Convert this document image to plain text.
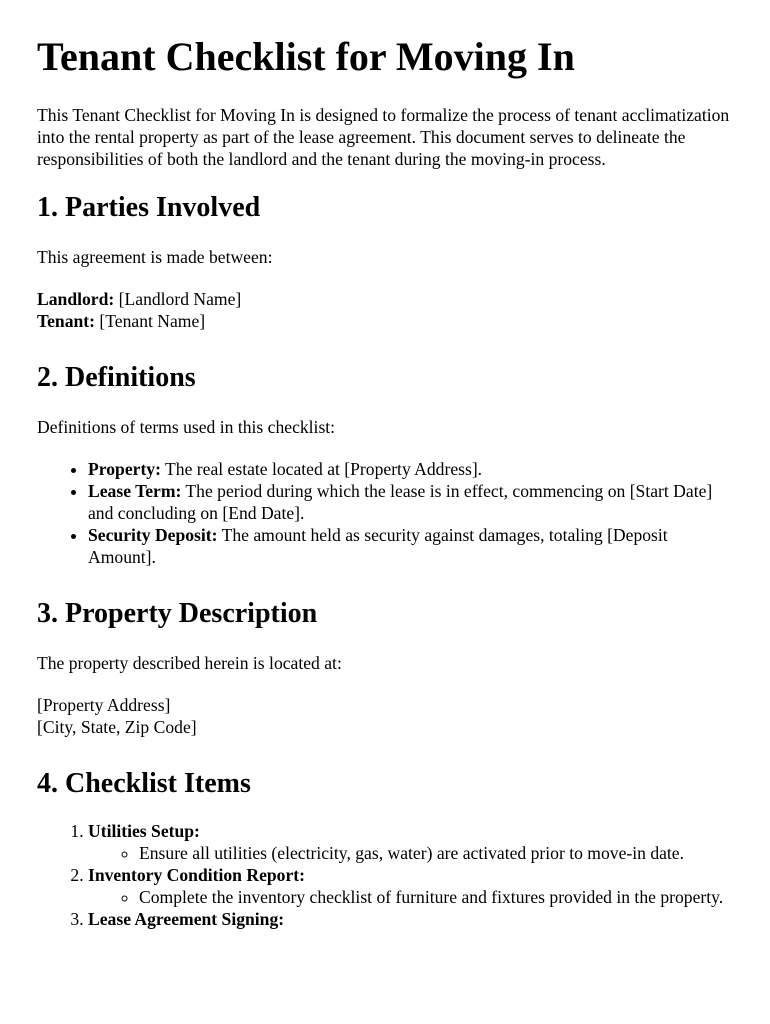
Tenant Checklist for Moving In

This Tenant Checklist for Moving In is designed to formalize the process of tenant acclimatization into the rental property as part of the lease agreement. This document serves to delineate the responsibilities of both the landlord and the tenant during the moving-in process.

1. Parties Involved

This agreement is made between:

Landlord: [Landlord Name]
Tenant: [Tenant Name]

2. Definitions

Definitions of terms used in this checklist:

• Property: The real estate located at [Property Address].
• Lease Term: The period during which the lease is in effect, commencing on [Start Date] and concluding on [End Date].
• Security Deposit: The amount held as security against damages, totaling [Deposit Amount].
3. Property Description

The property described herein is located at:

[Property Address]
[City, State, Zip Code]

4. Checklist Items
1. Utilities Setup:
◦ Ensure all utilities (electricity, gas, water) are activated prior to move-in date.
2. Inventory Condition Report:
◦ Complete the inventory checklist of furniture and fixtures provided in the property.
3. Lease Agreement Signing:
